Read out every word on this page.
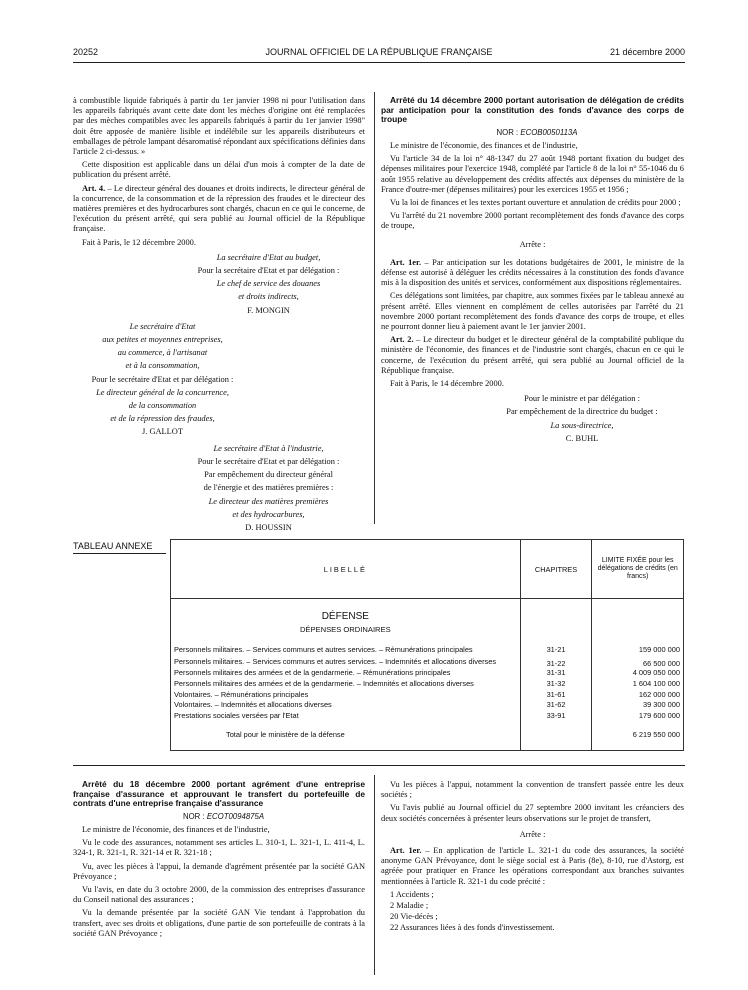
20252	JOURNAL OFFICIEL DE LA RÉPUBLIQUE FRANÇAISE	21 décembre 2000

à combustible liquide fabriqués à partir du 1er janvier 1998 ni pour l'utilisation dans les appareils fabriqués avant cette date dont les mèches d'origine ont été remplacées par des mèches compatibles avec les appareils fabriqués à partir du 1er janvier 1998" doit être apposée de manière lisible et indélébile sur les appareils distributeurs et emballages de pétrole lampant désaromatisé répondant aux spécifications définies dans l'article 2 ci-dessus. »

Cette disposition est applicable dans un délai d'un mois à compter de la date de publication du présent arrêté.

Art. 4. – Le directeur général des douanes et droits indirects, le directeur général de la concurrence, de la consommation et de la répression des fraudes et le directeur des matières premières et des hydrocarbures sont chargés, chacun en ce qui le concerne, de l'exécution du présent arrêté, qui sera publié au Journal officiel de la République française.

Fait à Paris, le 12 décembre 2000.

La secrétaire d'Etat au budget,

Pour la secrétaire d'Etat et par délégation :

Le chef de service des douanes

et droits indirects,

F. MONGIN

Le secrétaire d'Etat

aux petites et moyennes entreprises,

au commerce, à l'artisanat

et à la consommation,

Pour le secrétaire d'Etat et par délégation :

Le directeur général de la concurrence,

de la consommation

et de la répression des fraudes,

J. GALLOT

Le secrétaire d'Etat à l'industrie,

Pour le secrétaire d'Etat et par délégation :

Par empêchement du directeur général

de l'énergie et des matières premières :

Le directeur des matières premières

et des hydrocarbures,

D. HOUSSIN

Arrêté du 14 décembre 2000 portant autorisation de délégation de crédits par anticipation pour la constitution des fonds d'avance des corps de troupe

NOR : ECOB0050113A

Le ministre de l'économie, des finances et de l'industrie,

Vu l'article 34 de la loi n° 48-1347 du 27 août 1948 portant fixation du budget des dépenses militaires pour l'exercice 1948, complété par l'article 8 de la loi n° 55-1046 du 6 août 1955 relative au développement des crédits affectés aux dépenses du ministère de la France d'outre-mer (dépenses militaires) pour les exercices 1955 et 1956 ;

Vu la loi de finances et les textes portant ouverture et annulation de crédits pour 2000 ;

Vu l'arrêté du 21 novembre 2000 portant recomplètement des fonds d'avance des corps de troupe,

Arrête :

Art. 1er. – Par anticipation sur les dotations budgétaires de 2001, le ministre de la défense est autorisé à déléguer les crédits nécessaires à la constitution des fonds d'avance mis à la disposition des unités et services, conformément aux dispositions réglementaires.

Ces délégations sont limitées, par chapitre, aux sommes fixées par le tableau annexé au présent arrêté. Elles viennent en complément de celles autorisées par l'arrêté du 21 novembre 2000 portant recomplètement des fonds d'avance des corps de troupe, et elles ne pourront donner lieu à paiement avant le 1er janvier 2001.

Art. 2. – Le directeur du budget et le directeur général de la comptabilité publique du ministère de l'économie, des finances et de l'industrie sont chargés, chacun en ce qui le concerne, de l'exécution du présent arrêté, qui sera publié au Journal officiel de la République française.

Fait à Paris, le 14 décembre 2000.

Pour le ministre et par délégation :

Par empêchement de la directrice du budget :

La sous-directrice,

C. BUHL

TABLEAU ANNEXE
LIBELLÉ	CHAPITRES	LIMITE FIXÉE pour les délégations de crédits (en francs)

DÉFENSE
DÉPENSES ORDINAIRES		

Personnels militaires. – Services communs et autres services. – Rémunérations principales	31-21	159 000 000
Personnels militaires. – Services communs et autres services. – Indemnités et allocations diverses	31-22	66 500 000
Personnels militaires des armées et de la gendarmerie. – Rémunérations principales	31-31	4 009 050 000
Personnels militaires des armées et de la gendarmerie. – Indemnités et allocations diverses	31-32	1 604 100 000
Volontaires. – Rémunérations principales	31-61	162 000 000
Volontaires. – Indemnités et allocations diverses	31-62	39 300 000
Prestations sociales versées par l'Etat	33-91	179 600 000
Total pour le ministère de la défense		6 219 550 000

Arrêté du 18 décembre 2000 portant agrément d'une entreprise française d'assurance et approuvant le transfert du portefeuille de contrats d'une entreprise française d'assurance

NOR : ECOT0094875A

Le ministre de l'économie, des finances et de l'industrie,

Vu le code des assurances, notamment ses articles L. 310-1, L. 321-1, L. 411-4, L. 324-1, R. 321-1, R. 321-14 et R. 321-18 ;

Vu, avec les pièces à l'appui, la demande d'agrément présentée par la société GAN Prévoyance ;

Vu l'avis, en date du 3 octobre 2000, de la commission des entreprises d'assurance du Conseil national des assurances ;

Vu la demande présentée par la société GAN Vie tendant à l'approbation du transfert, avec ses droits et obligations, d'une partie de son portefeuille de contrats à la société GAN Prévoyance ;

Vu les pièces à l'appui, notamment la convention de transfert passée entre les deux sociétés ;

Vu l'avis publié au Journal officiel du 27 septembre 2000 invitant les créanciers des deux sociétés concernées à présenter leurs observations sur le projet de transfert,

Arrête :

Art. 1er. – En application de l'article L. 321-1 du code des assurances, la société anonyme GAN Prévoyance, dont le siège social est à Paris (8e), 8-10, rue d'Astorg, est agréée pour pratiquer en France les opérations correspondant aux branches suivantes mentionnées à l'article R. 321-1 du code précité :

1 Accidents ;

2 Maladie ;

20 Vie-décès ;

22 Assurances liées à des fonds d'investissement.
